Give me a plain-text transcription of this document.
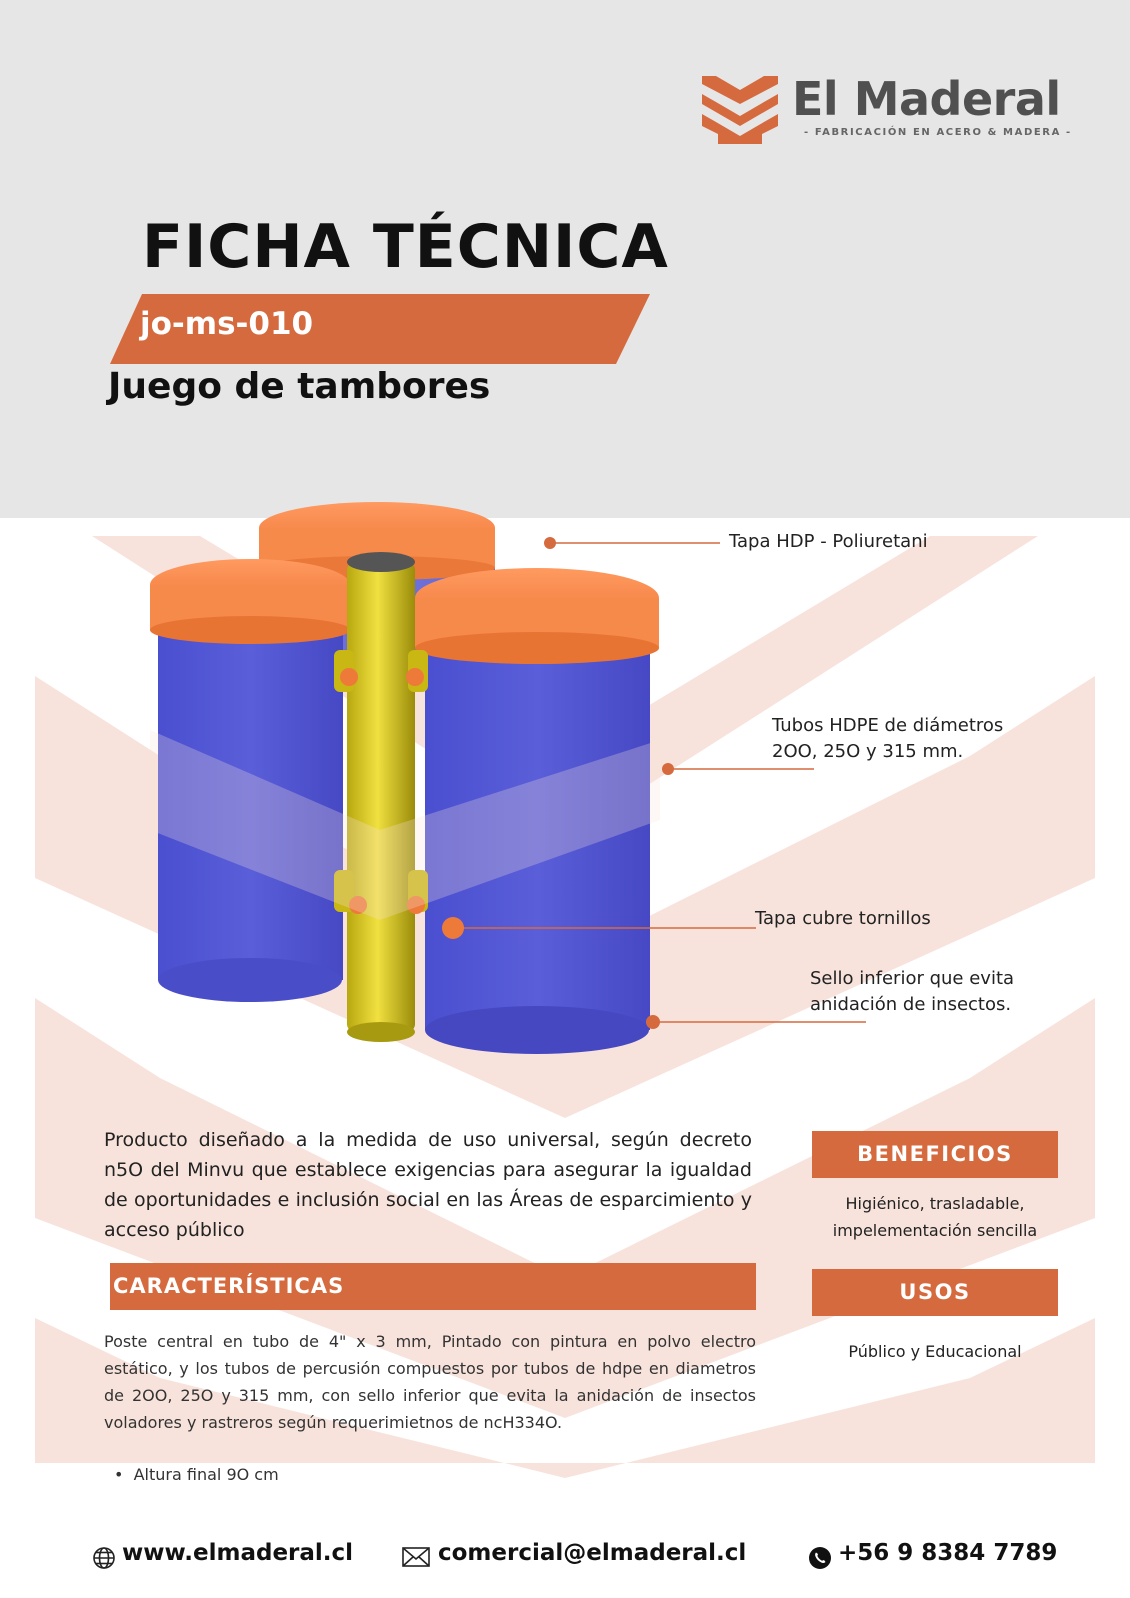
El Maderal
- FABRICACIÓN EN ACERO & MADERA -
FICHA TÉCNICA
jo-ms-010
Juego de tambores
Tapa HDP - Poliuretani
Tubos HDPE de diámetros
2OO, 25O y 315 mm.
Tapa cubre tornillos
Sello inferior que evita
anidación de insectos.
Producto diseñado a la medida de uso universal, según decreto n5O del Minvu que establece exigencias para asegurar la igualdad de oportunidades e inclusión social en las Áreas de esparcimiento y acceso público
CARACTERÍSTICAS
Poste central en tubo de 4" x 3 mm, Pintado con pintura en polvo electro estático, y los tubos de percusión compuestos por tubos de hdpe en diametros de 2OO, 25O y 315 mm, con sello inferior que evita la anidación de insectos voladores y rastreros según requerimietnos de ncH334O.
•  Altura final 9O cm
BENEFICIOS
Higiénico, trasladable,
impelementación sencilla
USOS
Público y Educacional
www.elmaderal.cl	comercial@elmaderal.cl	+56 9 8384 7789
